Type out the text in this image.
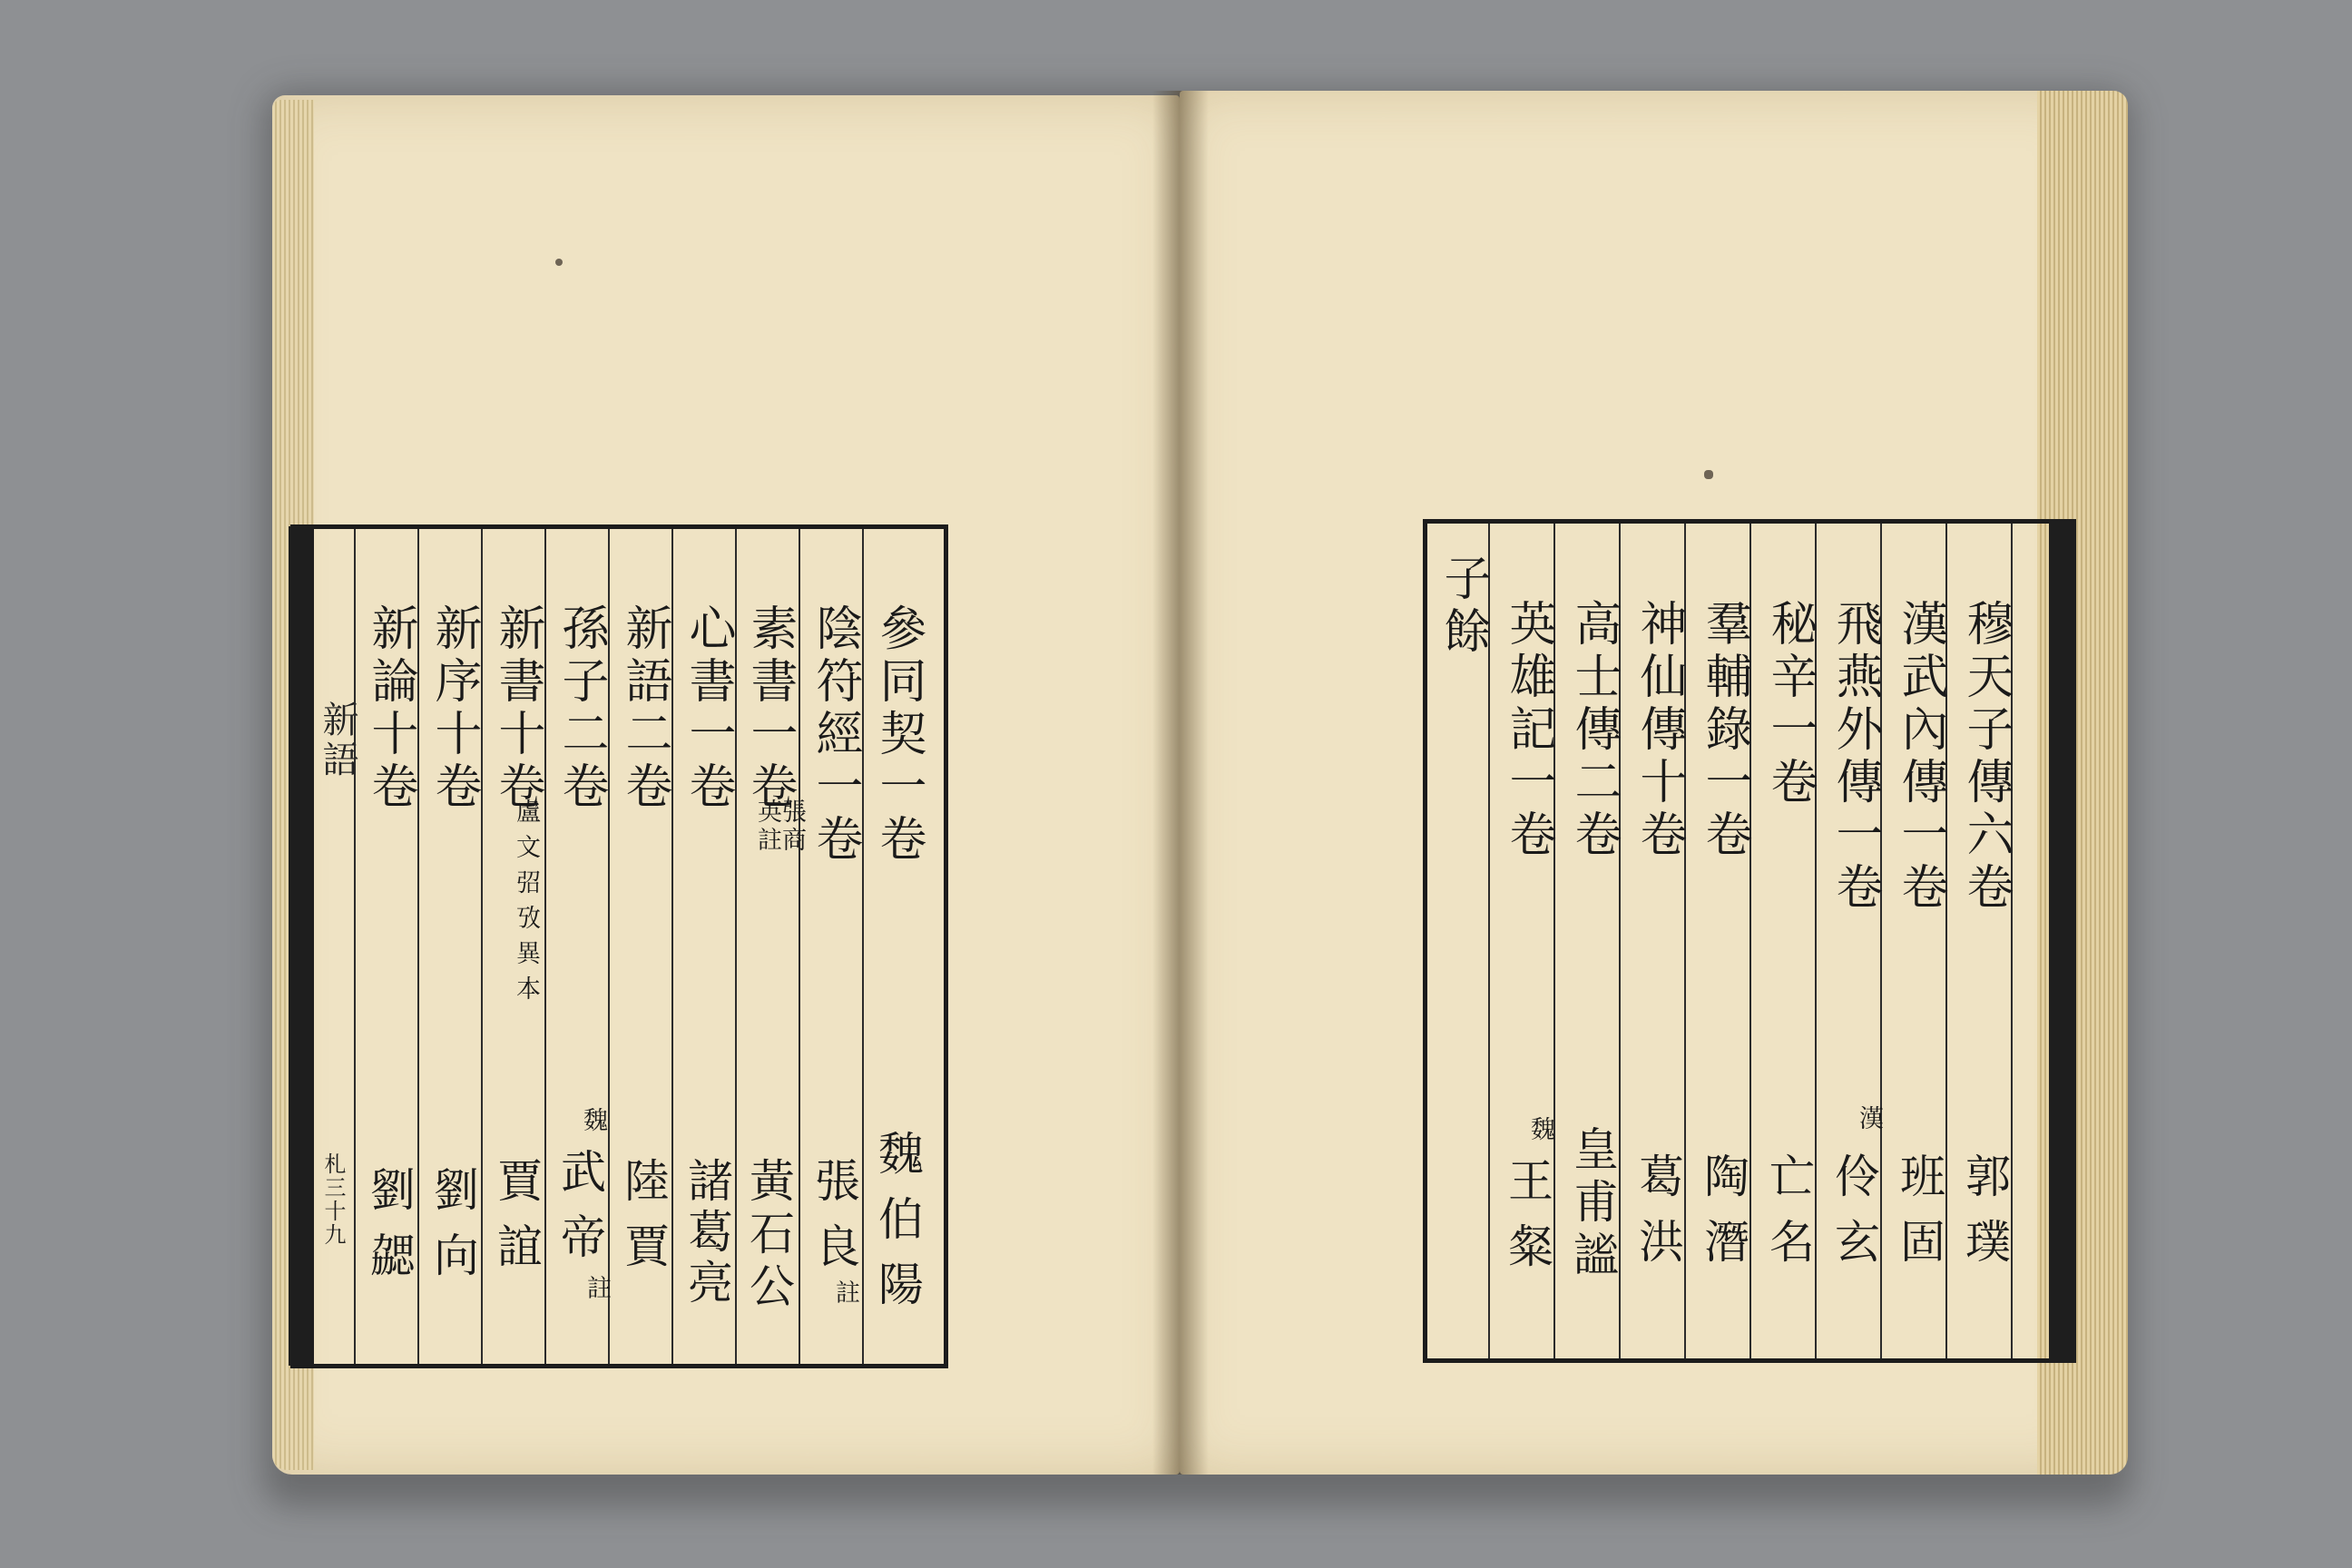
新語
札三十九
參同契一卷
魏伯陽
陰符經一卷
張良
註
素書一卷
張商英註
黃石公
心書一卷
諸葛亮
新語二卷
陸賈
孫子二卷
魏
武帝
註
新書十卷
盧文弨攷異本
賈誼
新序十卷
劉向
新論十卷
劉勰
穆天子傳六卷
郭璞
漢武內傳一卷
班固
飛燕外傳一卷
漢
伶玄
秘辛一卷
亡名
羣輔錄一卷
陶潛
神仙傳十卷
葛洪
高士傳二卷
皇甫謐
英雄記一卷
魏
王粲
子餘
